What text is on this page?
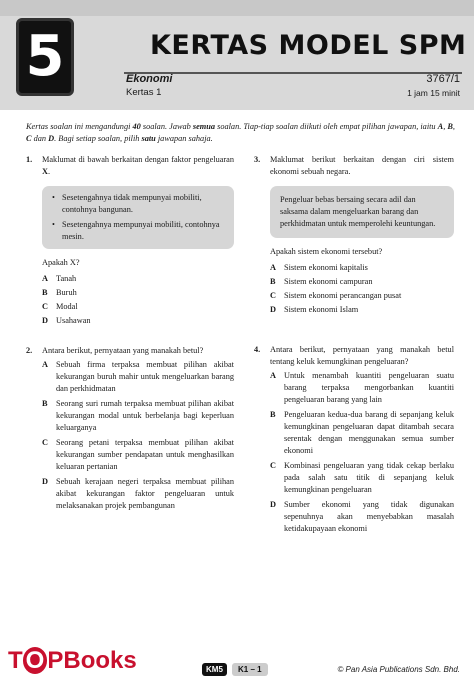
5	KERTAS MODEL SPM
Ekonomi
Kertas 1
3767/1
1 jam 15 minit
Kertas soalan ini mengandungi 40 soalan. Jawab semua soalan. Tiap-tiap soalan diikuti oleh empat pilihan jawapan, iaitu A, B, C dan D. Bagi setiap soalan, pilih satu jawapan sahaja.
1.	Maklumat di bawah berkaitan dengan faktor pengeluaran X.
• Sesetengahnya tidak mempunyai mobiliti, contohnya bangunan.
• Sesetengahnya mempunyai mobiliti, contohnya mesin.
Apakah X?
A Tanah
B	Buruh
C Modal
D Usahawan
2.	Antara berikut, pernyataan yang manakah betul?
A Sebuah firma terpaksa membuat pilihan akibat kekurangan buruh mahir untuk mengeluarkan barang dan perkhidmatan
B	Seorang suri rumah terpaksa membuat pilihan akibat kekurangan modal untuk berbelanja bagi keperluan keluarganya
C Seorang petani terpaksa membuat pilihan akibat kekurangan sumber pendapatan untuk menghasilkan keluaran pertanian
D Sebuah kerajaan negeri terpaksa membuat pilihan akibat kekurangan faktor pengeluaran untuk melaksanakan projek pembangunan
3.	Maklumat berikut berkaitan dengan ciri sistem ekonomi sebuah negara.
Pengeluar bebas bersaing secara adil dan saksama dalam mengeluarkan barang dan perkhidmatan untuk memperolehi keuntungan.
Apakah sistem ekonomi tersebut?
A Sistem ekonomi kapitalis
B	Sistem ekonomi campuran
C Sistem ekonomi perancangan pusat
D Sistem ekonomi Islam
4.	Antara berikut, pernyataan yang manakah betul tentang keluk kemungkinan pengeluaran?
A Untuk menambah kuantiti pengeluaran suatu barang terpaksa mengorbankan kuantiti pengeluaran barang yang lain
B	Pengeluaran kedua-dua barang di sepanjang keluk kemungkinan pengeluaran dapat ditambah secara serentak dengan menggunakan semua sumber ekonomi
C Kombinasi pengeluaran yang tidak cekap berlaku pada salah satu titik di sepanjang keluk kemungkinan pengeluaran
D Sumber ekonomi yang tidak digunakan sepenuhnya akan menyebabkan masalah ketidakupayaan ekonomi
T O PBooks	KM5	K1 – 1	© Pan Asia Publications Sdn. Bhd.
